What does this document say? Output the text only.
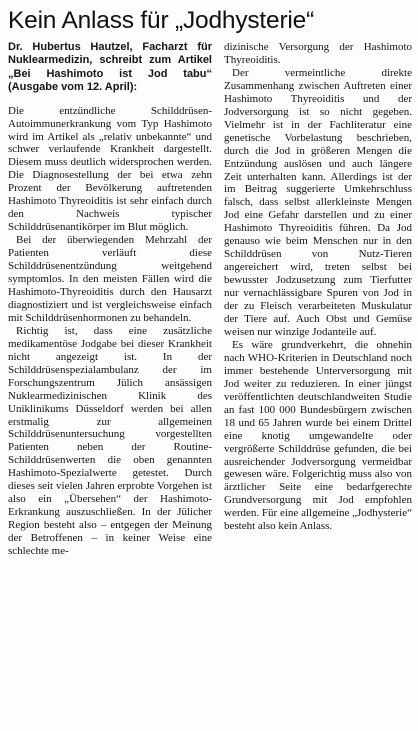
Kein Anlass für „Jodhysterie“

Dr. Hubertus Hautzel, Facharzt für Nuklearmedizin, schreibt zum Artikel „Bei Hashimoto ist Jod tabu“ (Ausgabe vom 12. April):

Die entzündliche Schilddrüsen-Autoimmunerkrankung vom Typ Hashimoto wird im Artikel als „relativ unbekannte“ und schwer verlaufende Krankheit dargestellt. Diesem muss deutlich widersprochen werden. Die Diagnosestellung der bei etwa zehn Prozent der Bevölkerung auftretenden Hashimoto Thyreoiditis ist sehr einfach durch den Nachweis typischer Schilddrüsenantikörper im Blut möglich.

Bei der überwiegenden Mehrzahl der Patienten verläuft diese Schilddrüsenentzündung weitgehend symptomlos. In den meisten Fällen wird die Hashimoto-Thyreoiditis durch den Hausarzt diagnostiziert und ist vergleichsweise einfach mit Schilddrüsenhormonen zu behandeln.

Richtig ist, dass eine zusätzliche medikamentöse Jodgabe bei dieser Krankheit nicht angezeigt ist. In der Schilddrüsenspezialambulanz der im Forschungszentrum Jülich ansässigen Nuklearmedizinischen Klinik des Uniklinikums Düsseldorf werden bei allen erstmalig zur allgemeinen Schilddrüsenuntersuchung vorgestellten Patienten neben der Routine-Schilddrüsenwerten die oben genannten Hashimoto-Spezialwerte getestet. Durch dieses seit vielen Jahren erprobte Vorgehen ist also ein „Übersehen“ der Hashimoto-Erkrankung auszuschließen. In der Jülicher Region besteht also – entgegen der Meinung der Betroffenen – in keiner Weise eine schlechte me-

dizinische Versorgung der Hashimoto Thyreoiditis.

Der vermeintliche direkte Zusammenhang zwischen Auftreten einer Hashimoto Thyreoiditis und der Jodversorgung ist so nicht gegeben. Vielmehr ist in der Fachliteratur eine genetische Vorbelastung beschrieben, durch die Jod in größeren Mengen die Entzündung auslösen und auch längere Zeit unterhalten kann. Allerdings ist der im Beitrag suggerierte Umkehrschluss falsch, dass selbst allerkleinste Mengen Jod eine Gefahr darstellen und zu einer Hashimoto Thyreoiditis führen. Da Jod genauso wie beim Menschen nur in den Schilddrüsen von Nutz-Tieren angereichert wird, treten selbst bei bewusster Jodzusetzung zum Tierfutter nur vernachlässigbare Spuren von Jod in der zu Fleisch verarbeiteten Muskulatur der Tiere auf. Auch Obst und Gemüse weisen nur winzige Jodanteile auf.

Es wäre grundverkehrt, die ohnehin nach WHO-Kriterien in Deutschland noch immer bestehende Unterversorgung mit Jod weiter zu reduzieren. In einer jüngst veröffentlichten deutschlandweiten Studie an fast 100 000 Bundesbürgern zwischen 18 und 65 Jahren wurde bei einem Drittel eine knotig umgewandelte oder vergrößerte Schilddrüse gefunden, die bei ausreichender Jodversorgung vermeidbar gewesen wäre. Folgerichtig muss also von ärztlicher Seite eine bedarfgerechte Grundversorgung mit Jod empfohlen werden. Für eine allgemeine „Jodhysterie“ besteht also kein Anlass.
